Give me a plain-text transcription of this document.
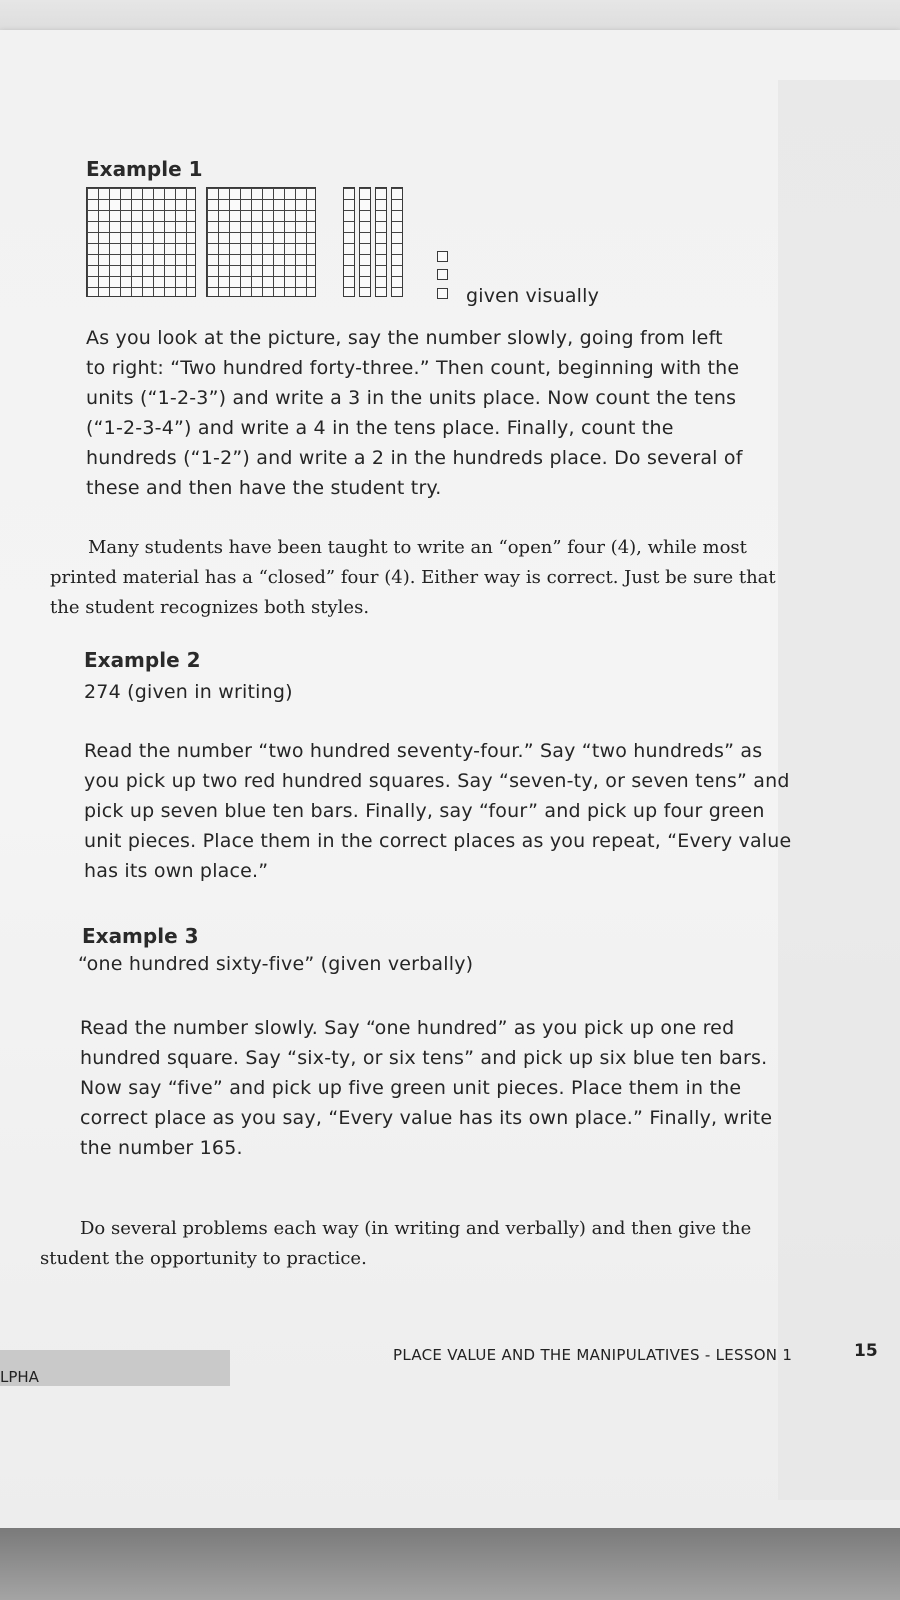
Example 1

given visually

As you look at the picture, say the number slowly, going from left to right: “Two hundred forty-three.” Then count, beginning with the units (“1-2-3”) and write a 3 in the units place. Now count the tens (“1-2-3-4”) and write a 4 in the tens place. Finally, count the hundreds (“1-2”) and write a 2 in the hundreds place. Do several of these and then have the student try.

Many students have been taught to write an “open” four (4), while most printed material has a “closed” four (4). Either way is correct. Just be sure that the student recognizes both styles.

Example 2

274 (given in writing)

Read the number “two hundred seventy-four.” Say “two hundreds” as you pick up two red hundred squares. Say “seven-ty, or seven tens” and pick up seven blue ten bars. Finally, say “four” and pick up four green unit pieces. Place them in the correct places as you repeat, “Every value has its own place.”

Example 3

“one hundred sixty-five” (given verbally)

Read the number slowly. Say “one hundred” as you pick up one red hundred square. Say “six-ty, or six tens” and pick up six blue ten bars. Now say “five” and pick up five green unit pieces. Place them in the correct place as you say, “Every value has its own place.” Finally, write the number 165.

Do several problems each way (in writing and verbally) and then give the student the opportunity to practice.

LPHA

PLACE VALUE AND THE MANIPULATIVES - LESSON 1	15
